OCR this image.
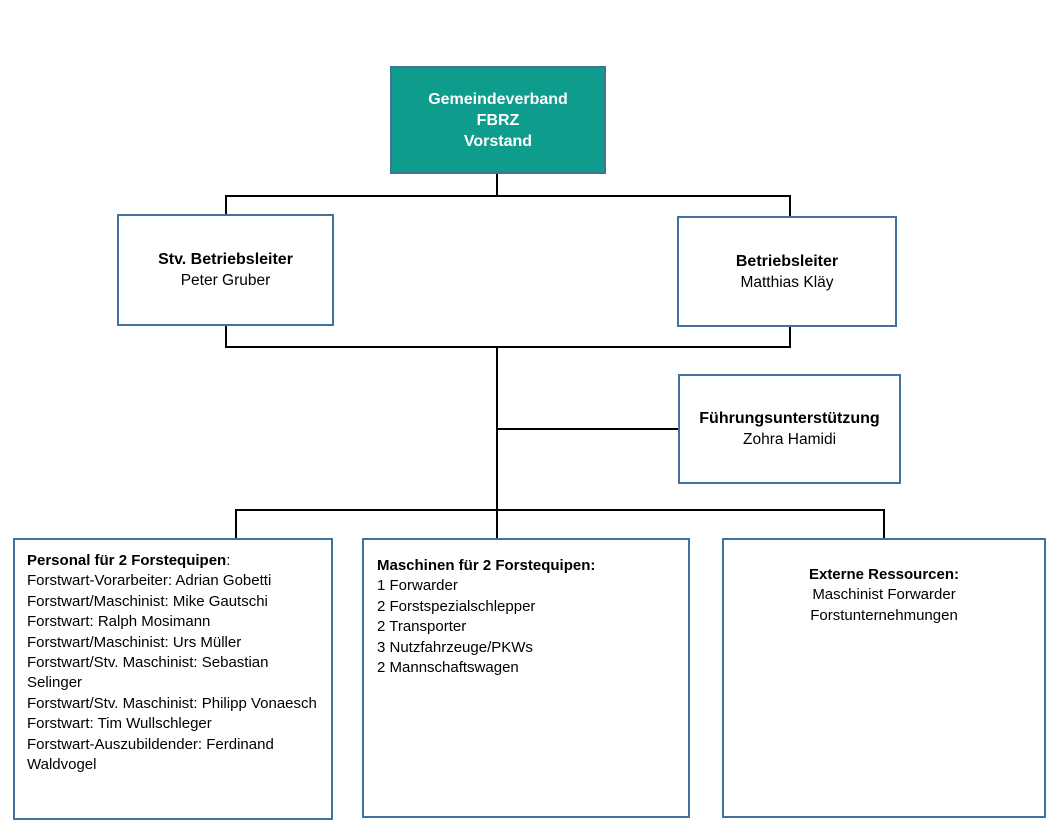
Gemeindeverband
FBRZ
Vorstand
Stv. Betriebsleiter
Peter Gruber
Betriebsleiter
Matthias Kläy
Führungsunterstützung
Zohra Hamidi
Personal für 2 Forstequipen:
Forstwart-Vorarbeiter: Adrian Gobetti
Forstwart/Maschinist: Mike Gautschi
Forstwart: Ralph Mosimann
Forstwart/Maschinist: Urs Müller
Forstwart/Stv. Maschinist: Sebastian Selinger
Forstwart/Stv. Maschinist: Philipp Vonaesch
Forstwart: Tim Wullschleger
Forstwart-Auszubildender: Ferdinand Waldvogel
Maschinen für 2 Forstequipen:
1 Forwarder
2 Forstspezialschlepper
2 Transporter
3 Nutzfahrzeuge/PKWs
2 Mannschaftswagen
Externe Ressourcen:
Maschinist Forwarder
Forstunternehmungen
